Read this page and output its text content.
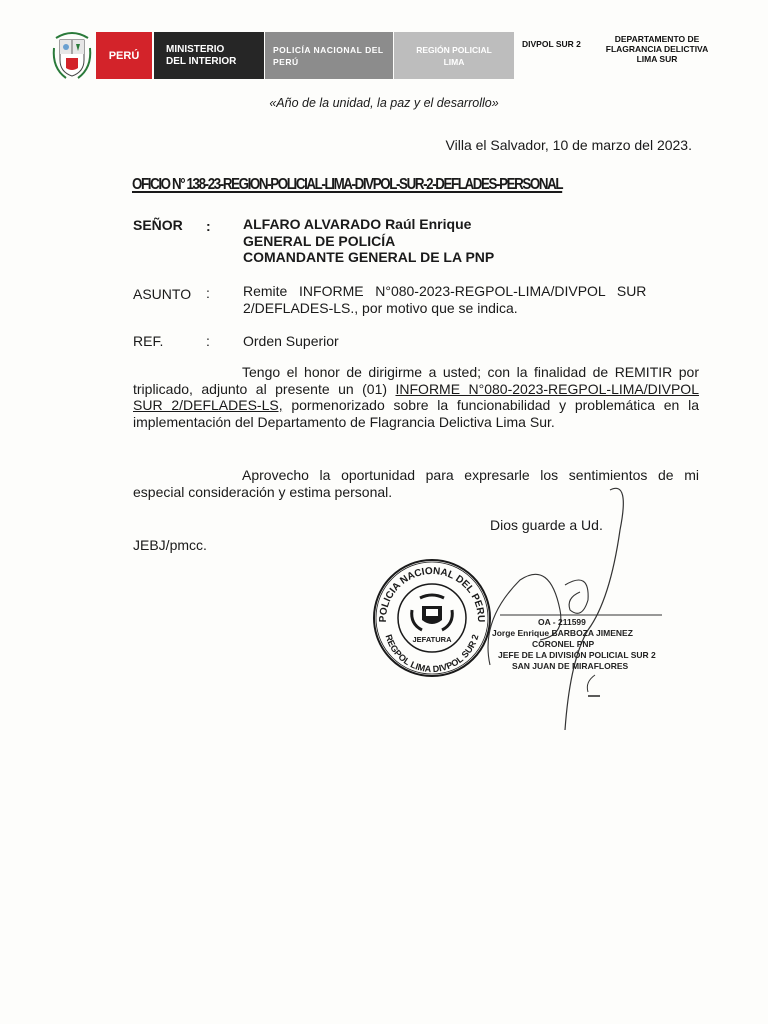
PERÚ
MINISTERIO
DEL INTERIOR
POLICÍA NACIONAL DEL
PERÚ
REGIÓN POLICIAL
LIMA
DIVPOL SUR 2	DEPARTAMENTO DE
FLAGRANCIA DELICTIVA
LIMA SUR
«Año de la unidad, la paz y el desarrollo»
Villa el Salvador, 10 de marzo del 2023.
OFICIO N° 138-23-REGION-POLICIAL-LIMA-DIVPOL-SUR-2-DEFLADES-PERSONAL
SEÑOR : ALFARO ALVARADO Raúl Enrique
GENERAL DE POLICÍA
COMANDANTE GENERAL DE LA PNP
ASUNTO : Remite   INFORME   N°080-2023-REGPOL-LIMA/DIVPOL   SUR
2/DEFLADES-LS., por motivo que se indica.
REF.	: Orden Superior
Tengo el honor de dirigirme a usted; con la finalidad de REMITIR por triplicado, adjunto al presente un (01) INFORME N°080-2023-REGPOL-LIMA/DIVPOL SUR 2/DEFLADES-LS, pormenorizado sobre la funcionabilidad y problemática en la implementación del Departamento de Flagrancia Delictiva Lima Sur.
Aprovecho la oportunidad para expresarle los sentimientos de mi especial consideración y estima personal.
Dios guarde a Ud.
JEBJ/pmcc.
POLICIA NACIONAL DEL PERU
REGPOL LIMA DIVPOL SUR 2
JEFATURA
OA - 211599
Jorge Enrique BARBOZA JIMENEZ
CORONEL PNP
JEFE DE LA DIVISIÓN POLICIAL SUR 2
SAN JUAN DE MIRAFLORES
